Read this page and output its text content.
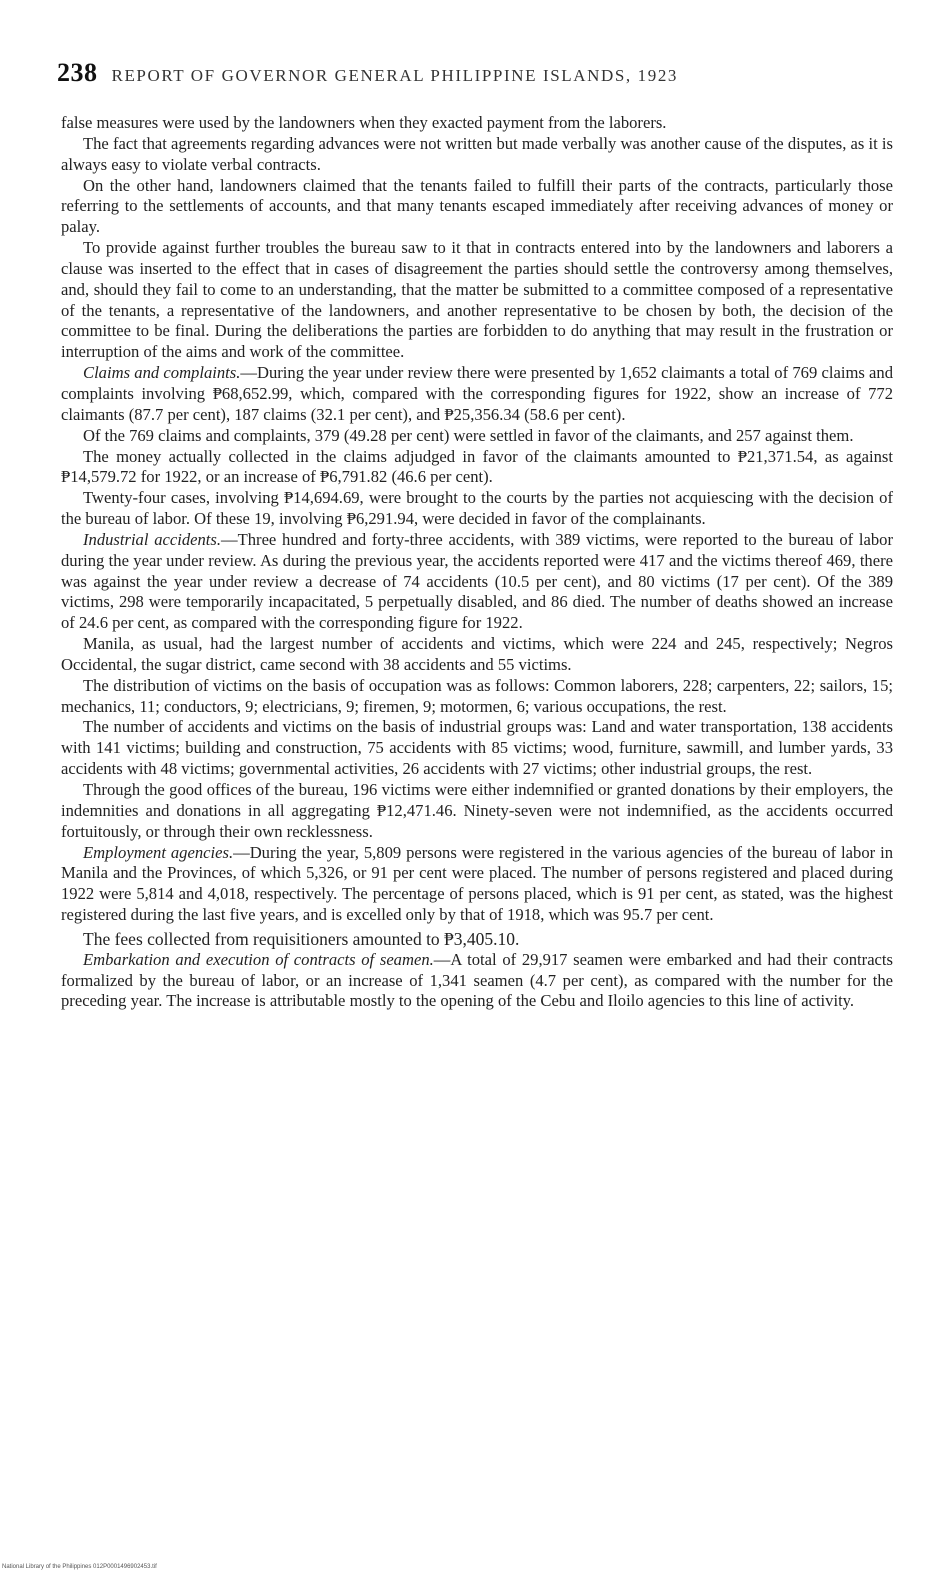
238 REPORT OF GOVERNOR GENERAL PHILIPPINE ISLANDS, 1923

false measures were used by the landowners when they exacted payment from the laborers.

The fact that agreements regarding advances were not written but made verbally was another cause of the disputes, as it is always easy to violate verbal contracts.

On the other hand, landowners claimed that the tenants failed to fulfill their parts of the contracts, particularly those referring to the settlements of accounts, and that many tenants escaped immediately after receiving advances of money or palay.

To provide against further troubles the bureau saw to it that in contracts entered into by the landowners and laborers a clause was inserted to the effect that in cases of disagreement the parties should settle the controversy among themselves, and, should they fail to come to an understanding, that the matter be submitted to a committee composed of a representative of the tenants, a representative of the landowners, and another representative to be chosen by both, the decision of the committee to be final. During the deliberations the parties are forbidden to do anything that may result in the frustration or interruption of the aims and work of the committee.

Claims and complaints.—During the year under review there were presented by 1,652 claimants a total of 769 claims and complaints involving ₱68,652.99, which, compared with the corresponding figures for 1922, show an increase of 772 claimants (87.7 per cent), 187 claims (32.1 per cent), and ₱25,356.34 (58.6 per cent).

Of the 769 claims and complaints, 379 (49.28 per cent) were settled in favor of the claimants, and 257 against them.

The money actually collected in the claims adjudged in favor of the claimants amounted to ₱21,371.54, as against ₱14,579.72 for 1922, or an increase of ₱6,791.82 (46.6 per cent).

Twenty-four cases, involving ₱14,694.69, were brought to the courts by the parties not acquiescing with the decision of the bureau of labor. Of these 19, involving ₱6,291.94, were decided in favor of the complainants.

Industrial accidents.—Three hundred and forty-three accidents, with 389 victims, were reported to the bureau of labor during the year under review. As during the previous year, the accidents reported were 417 and the victims thereof 469, there was against the year under review a decrease of 74 accidents (10.5 per cent), and 80 victims (17 per cent). Of the 389 victims, 298 were temporarily incapacitated, 5 perpetually disabled, and 86 died. The number of deaths showed an increase of 24.6 per cent, as compared with the corresponding figure for 1922.

Manila, as usual, had the largest number of accidents and victims, which were 224 and 245, respectively; Negros Occidental, the sugar district, came second with 38 accidents and 55 victims.

The distribution of victims on the basis of occupation was as follows: Common laborers, 228; carpenters, 22; sailors, 15; mechanics, 11; conductors, 9; electricians, 9; firemen, 9; motormen, 6; various occupations, the rest.

The number of accidents and victims on the basis of industrial groups was: Land and water transportation, 138 accidents with 141 victims; building and construction, 75 accidents with 85 victims; wood, furniture, sawmill, and lumber yards, 33 accidents with 48 victims; governmental activities, 26 accidents with 27 victims; other industrial groups, the rest.

Through the good offices of the bureau, 196 victims were either indemnified or granted donations by their employers, the indemnities and donations in all aggregating ₱12,471.46. Ninety-seven were not indemnified, as the accidents occurred fortuitously, or through their own recklessness.

Employment agencies.—During the year, 5,809 persons were registered in the various agencies of the bureau of labor in Manila and the Provinces, of which 5,326, or 91 per cent were placed. The number of persons registered and placed during 1922 were 5,814 and 4,018, respectively. The percentage of persons placed, which is 91 per cent, as stated, was the highest registered during the last five years, and is excelled only by that of 1918, which was 95.7 per cent.

The fees collected from requisitioners amounted to ₱3,405.10.

Embarkation and execution of contracts of seamen.—A total of 29,917 seamen were embarked and had their contracts formalized by the bureau of labor, or an increase of 1,341 seamen (4.7 per cent), as compared with the number for the preceding year. The increase is attributable mostly to the opening of the Cebu and Iloilo agencies to this line of activity.

National Library of the Philippines 012P0001496902453.tif
